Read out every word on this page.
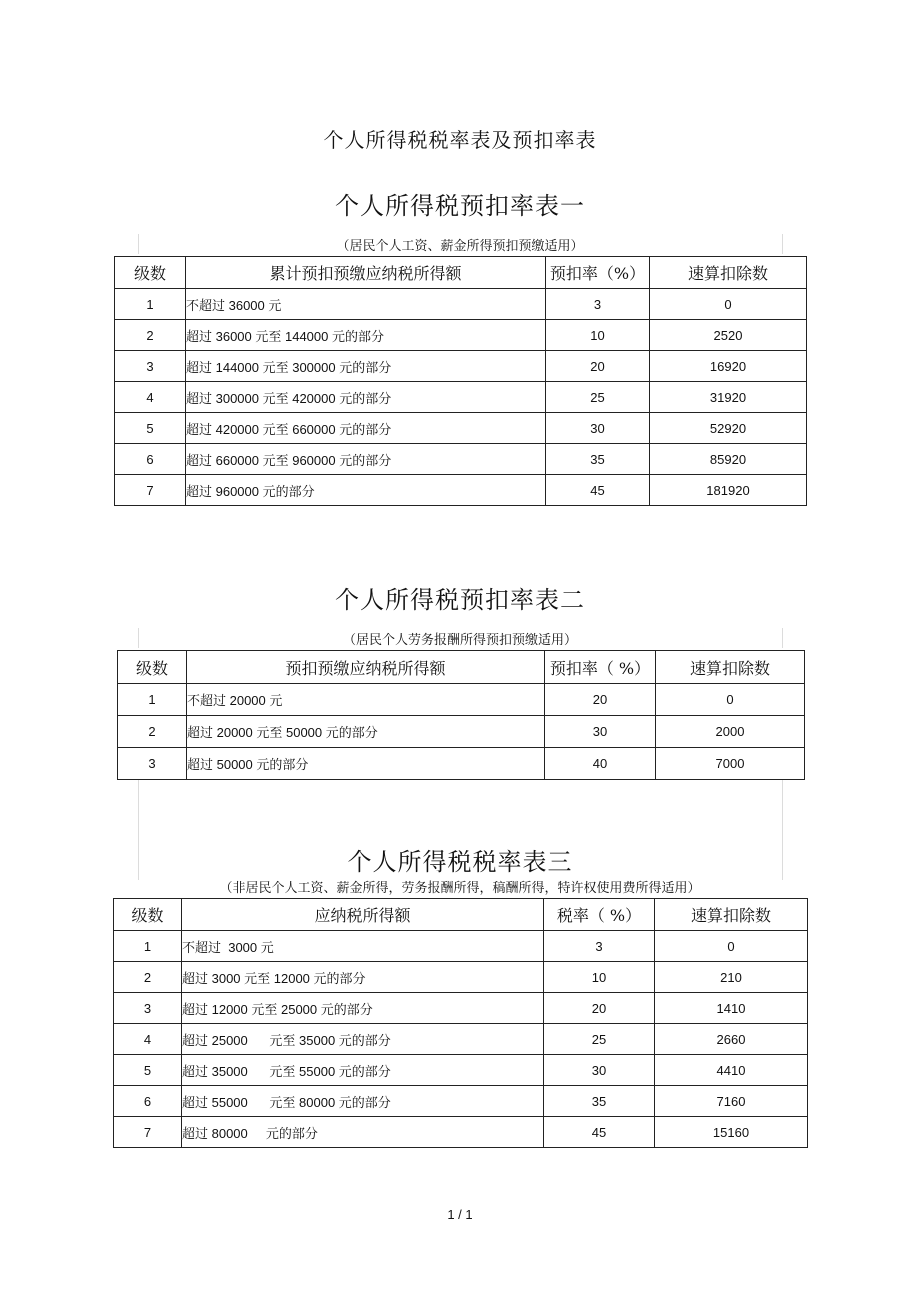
个人所得税税率表及预扣率表
个人所得税预扣率表一
（居民个人工资、薪金所得预扣预缴适用）
级数	累计预扣预缴应纳税所得额	预扣率（%）	速算扣除数
1	不超过 36000 元	3	0
2	超过 36000 元至 144000 元的部分	10	2520
3	超过 144000 元至 300000 元的部分	20	16920
4	超过 300000 元至 420000 元的部分	25	31920
5	超过 420000 元至 660000 元的部分	30	52920
6	超过 660000 元至 960000 元的部分	35	85920
7	超过 960000 元的部分	45	181920
个人所得税预扣率表二
（居民个人劳务报酬所得预扣预缴适用）
级数	预扣预缴应纳税所得额	预扣率（ %）	速算扣除数
1	不超过 20000 元	20	0
2	超过 20000 元至 50000 元的部分	30	2000
3	超过 50000 元的部分	40	7000
个人所得税税率表三
（非居民个人工资、薪金所得，劳务报酬所得，稿酬所得，特许权使用费所得适用）
级数	应纳税所得额	税率（ %）	速算扣除数
1	不超过  3000 元	3	0
2	超过 3000 元至 12000 元的部分	10	210
3	超过 12000 元至 25000 元的部分	20	1410
4	超过 25000      元至 35000 元的部分	25	2660
5	超过 35000      元至 55000 元的部分	30	4410
6	超过 55000      元至 80000 元的部分	35	7160
7	超过 80000     元的部分	45	15160
1 / 1
